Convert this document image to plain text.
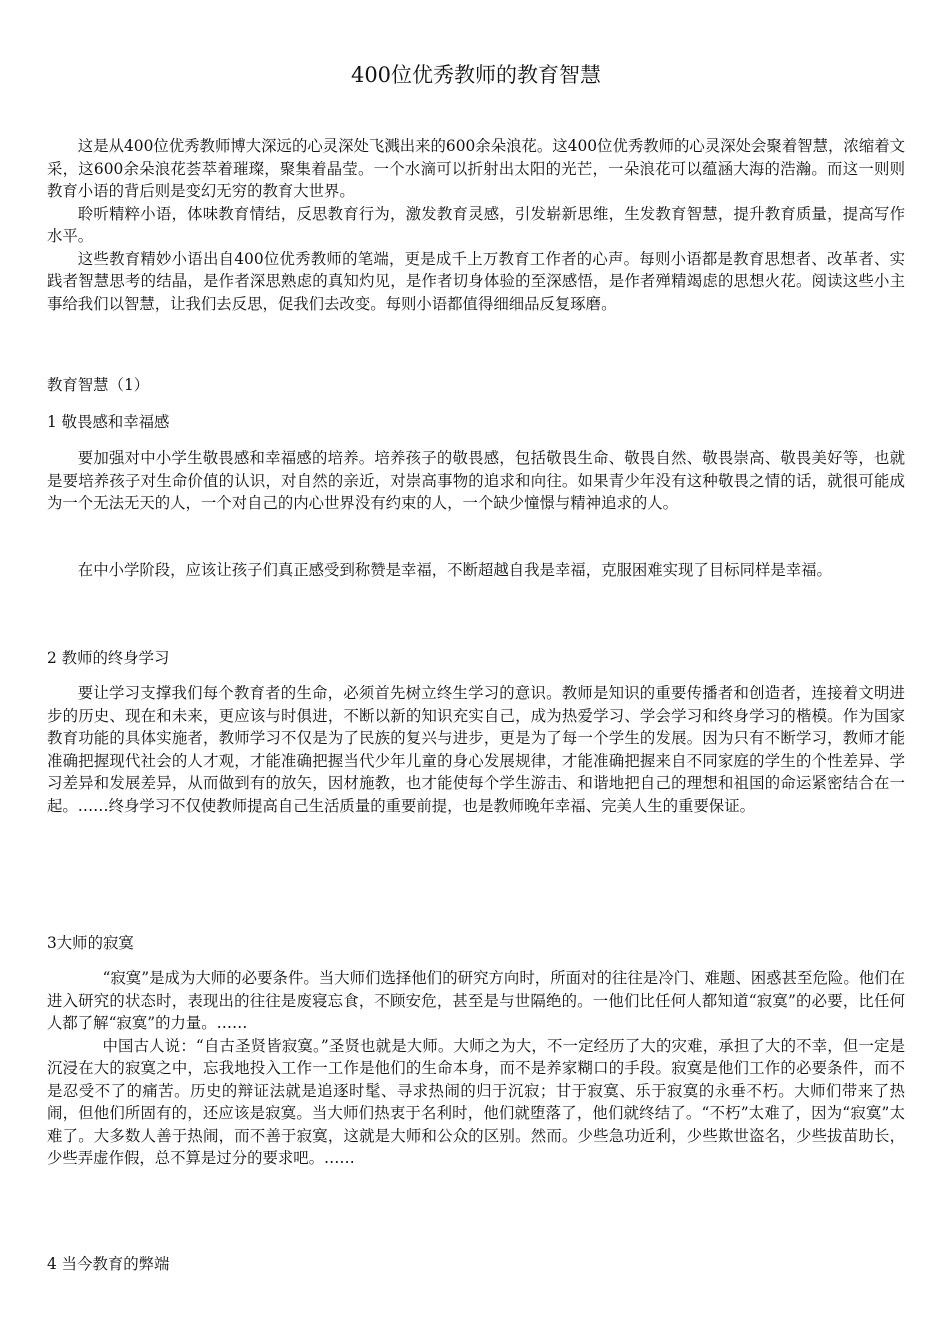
400位优秀教师的教育智慧
这是从400位优秀教师博大深远的心灵深处飞溅出来的600余朵浪花。这400位优秀教师的心灵深处会聚着智慧，浓缩着文采，这600余朵浪花荟萃着璀璨，聚集着晶莹。一个水滴可以折射出太阳的光芒，一朵浪花可以蕴涵大海的浩瀚。而这一则则教育小语的背后则是变幻无穷的教育大世界。
聆听精粹小语，体味教育情结，反思教育行为，激发教育灵感，引发崭新思维，生发教育智慧，提升教育质量，提高写作水平。
这些教育精妙小语出自400位优秀教师的笔端，更是成千上万教育工作者的心声。每则小语都是教育思想者、改革者、实践者智慧思考的结晶，是作者深思熟虑的真知灼见，是作者切身体验的至深感悟，是作者殚精竭虑的思想火花。阅读这些小主事给我们以智慧，让我们去反思，促我们去改变。每则小语都值得细细品反复琢磨。
教育智慧（1）
1 敬畏感和幸福感
要加强对中小学生敬畏感和幸福感的培养。培养孩子的敬畏感，包括敬畏生命、敬畏自然、敬畏崇高、敬畏美好等，也就是要培养孩子对生命价值的认识，对自然的亲近，对崇高事物的追求和向往。如果青少年没有这种敬畏之情的话，就很可能成为一个无法无天的人，一个对自己的内心世界没有约束的人，一个缺少憧憬与精神追求的人。
在中小学阶段，应该让孩子们真正感受到称赞是幸福，不断超越自我是幸福，克服困难实现了目标同样是幸福。
2 教师的终身学习
要让学习支撑我们每个教育者的生命，必须首先树立终生学习的意识。教师是知识的重要传播者和创造者，连接着文明进步的历史、现在和未来，更应该与时俱进，不断以新的知识充实自己，成为热爱学习、学会学习和终身学习的楷模。作为国家教育功能的具体实施者，教师学习不仅是为了民族的复兴与进步，更是为了每一个学生的发展。因为只有不断学习，教师才能准确把握现代社会的人才观，才能准确把握当代少年儿童的身心发展规律，才能准确把握来自不同家庭的学生的个性差异、学习差异和发展差异，从而做到有的放矢，因材施教，也才能使每个学生游击、和谐地把自己的理想和祖国的命运紧密结合在一起。……终身学习不仅使教师提高自己生活质量的重要前提，也是教师晚年幸福、完美人生的重要保证。
3大师的寂寞
“寂寞”是成为大师的必要条件。当大师们选择他们的研究方向时，所面对的往往是冷门、难题、困惑甚至危险。他们在进入研究的状态时，表现出的往往是废寝忘食，不顾安危，甚至是与世隔绝的。一他们比任何人都知道“寂寞”的必要，比任何人都了解“寂寞”的力量。……
中国古人说：“自古圣贤皆寂寞。”圣贤也就是大师。大师之为大，不一定经历了大的灾难，承担了大的不幸，但一定是沉浸在大的寂寞之中，忘我地投入工作一工作是他们的生命本身，而不是养家糊口的手段。寂寞是他们工作的必要条件，而不是忍受不了的痛苦。历史的辩证法就是追逐时髦、寻求热闹的归于沉寂；甘于寂寞、乐于寂寞的永垂不朽。大师们带来了热闹，但他们所固有的，还应该是寂寞。当大师们热衷于名利时，他们就堕落了，他们就终结了。“不朽”太难了，因为“寂寞”太难了。大多数人善于热闹，而不善于寂寞，这就是大师和公众的区别。然而。少些急功近利，少些欺世盗名，少些拔苗助长，少些弄虚作假，总不算是过分的要求吧。……
4 当今教育的弊端
